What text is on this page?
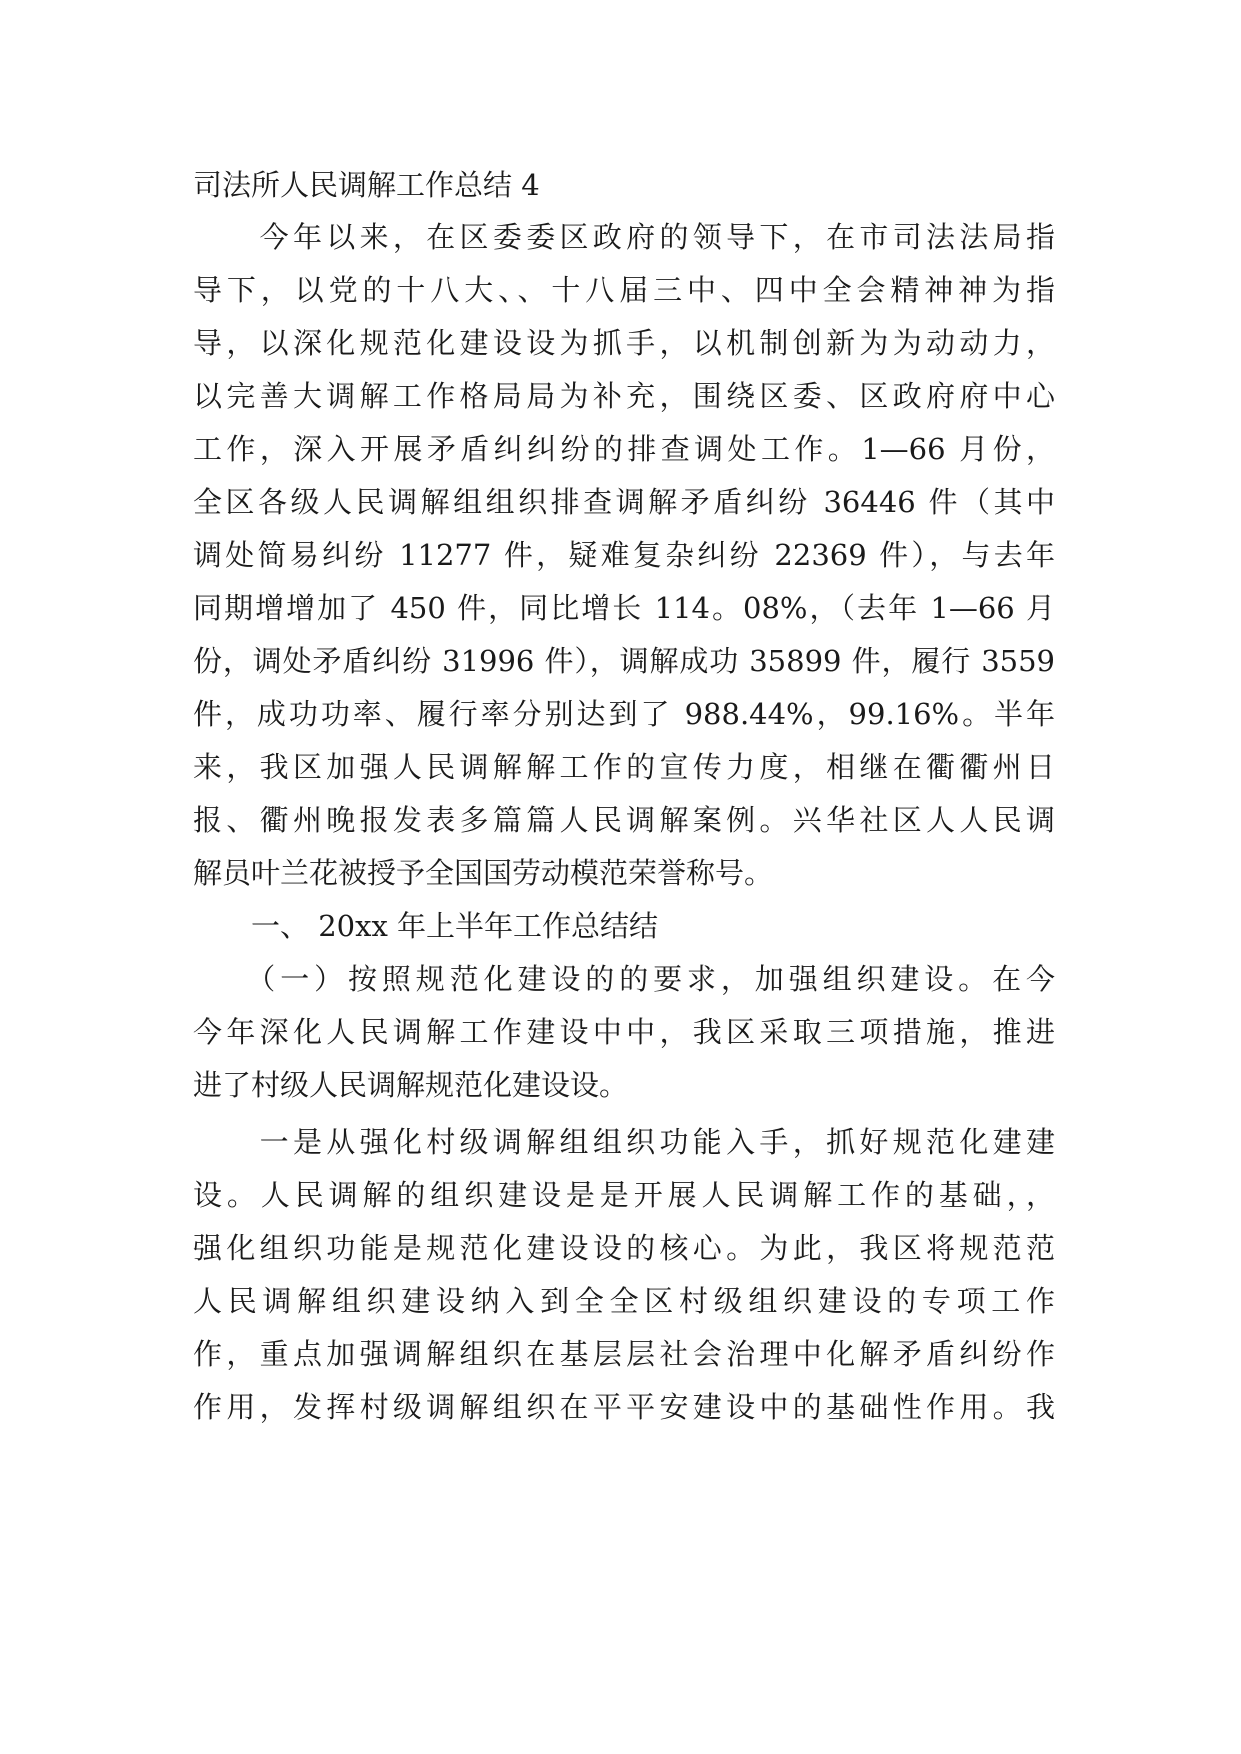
司法所人民调解工作总结 4
　　今年以来，在区委委区政府的领导下，在市司法法局指
导下，以党的十八大、、十八届三中、四中全会精神神为指
导，以深化规范化建设设为抓手，以机制创新为为动动力，
以完善大调解工作格局局为补充，围绕区委、区政府府中心
工作，深入开展矛盾纠纠纷的排查调处工作。1—66 月份，
全区各级人民调解组组织排查调解矛盾纠纷 36446 件（其中
调处简易纠纷 11277 件，疑难复杂纠纷 22369 件），与去年
同期增增加了 450 件，同比增长 114。08%，（去年 1—66 月
份，调处矛盾纠纷 31996 件），调解成功 35899 件，履行 3559
件，成功功率、履行率分别达到了 988.44%，99.16%。半年
来，我区加强人民调解解工作的宣传力度，相继在衢衢州日
报、衢州晚报发表多篇篇人民调解案例。兴华社区人人民调
解员叶兰花被授予全国国劳动模范荣誉称号。
　　一、 20xx 年上半年工作总结结
　　（一）按照规范化建设的的要求，加强组织建设。在今
今年深化人民调解工作建设中中，我区采取三项措施，推进
进了村级人民调解规范化建设设。
　　一是从强化村级调解组组织功能入手，抓好规范化建建
设。人民调解的组织建设是是开展人民调解工作的基础，，
强化组织功能是规范化建设设的核心。为此，我区将规范范
人民调解组织建设纳入到全全区村级组织建设的专项工作
作，重点加强调解组织在基层层社会治理中化解矛盾纠纷作
作用，发挥村级调解组织在平平安建设中的基础性作用。我
